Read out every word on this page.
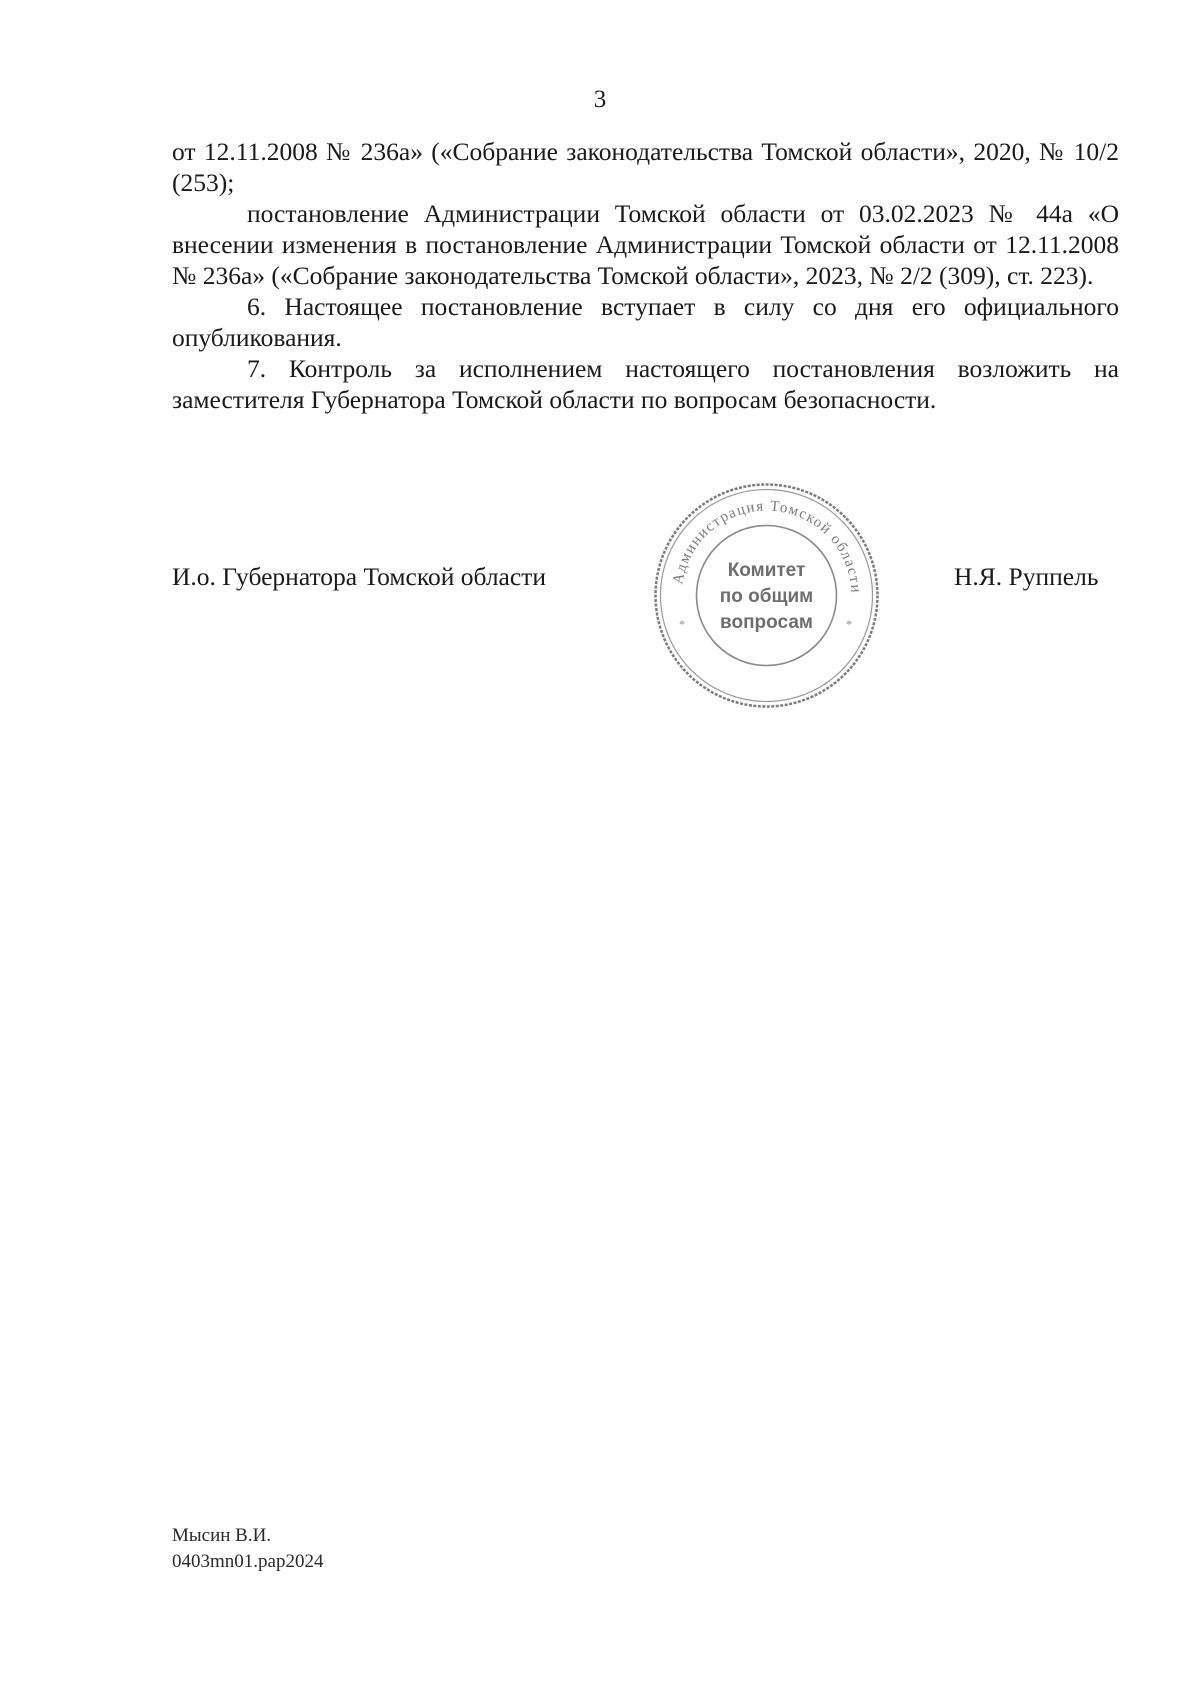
3

от 12.11.2008 № 236а» («Собрание законодательства Томской области», 2020, № 10/2 (253);

постановление Администрации Томской области от 03.02.2023 № 44а «О внесении изменения в постановление Администрации Томской области от 12.11.2008 № 236а» («Собрание законодательства Томской области», 2023, № 2/2 (309), ст. 223).

6. Настоящее постановление вступает в силу со дня его официального опубликования.

7. Контроль за исполнением настоящего постановления возложить на заместителя Губернатора Томской области по вопросам безопасности.

И.о. Губернатора Томской области	Администрация Томской области
*	*
Комитет
по общим
вопросам
Н.Я. Руппель
Мысин В.И.
0403mn01.pap2024
